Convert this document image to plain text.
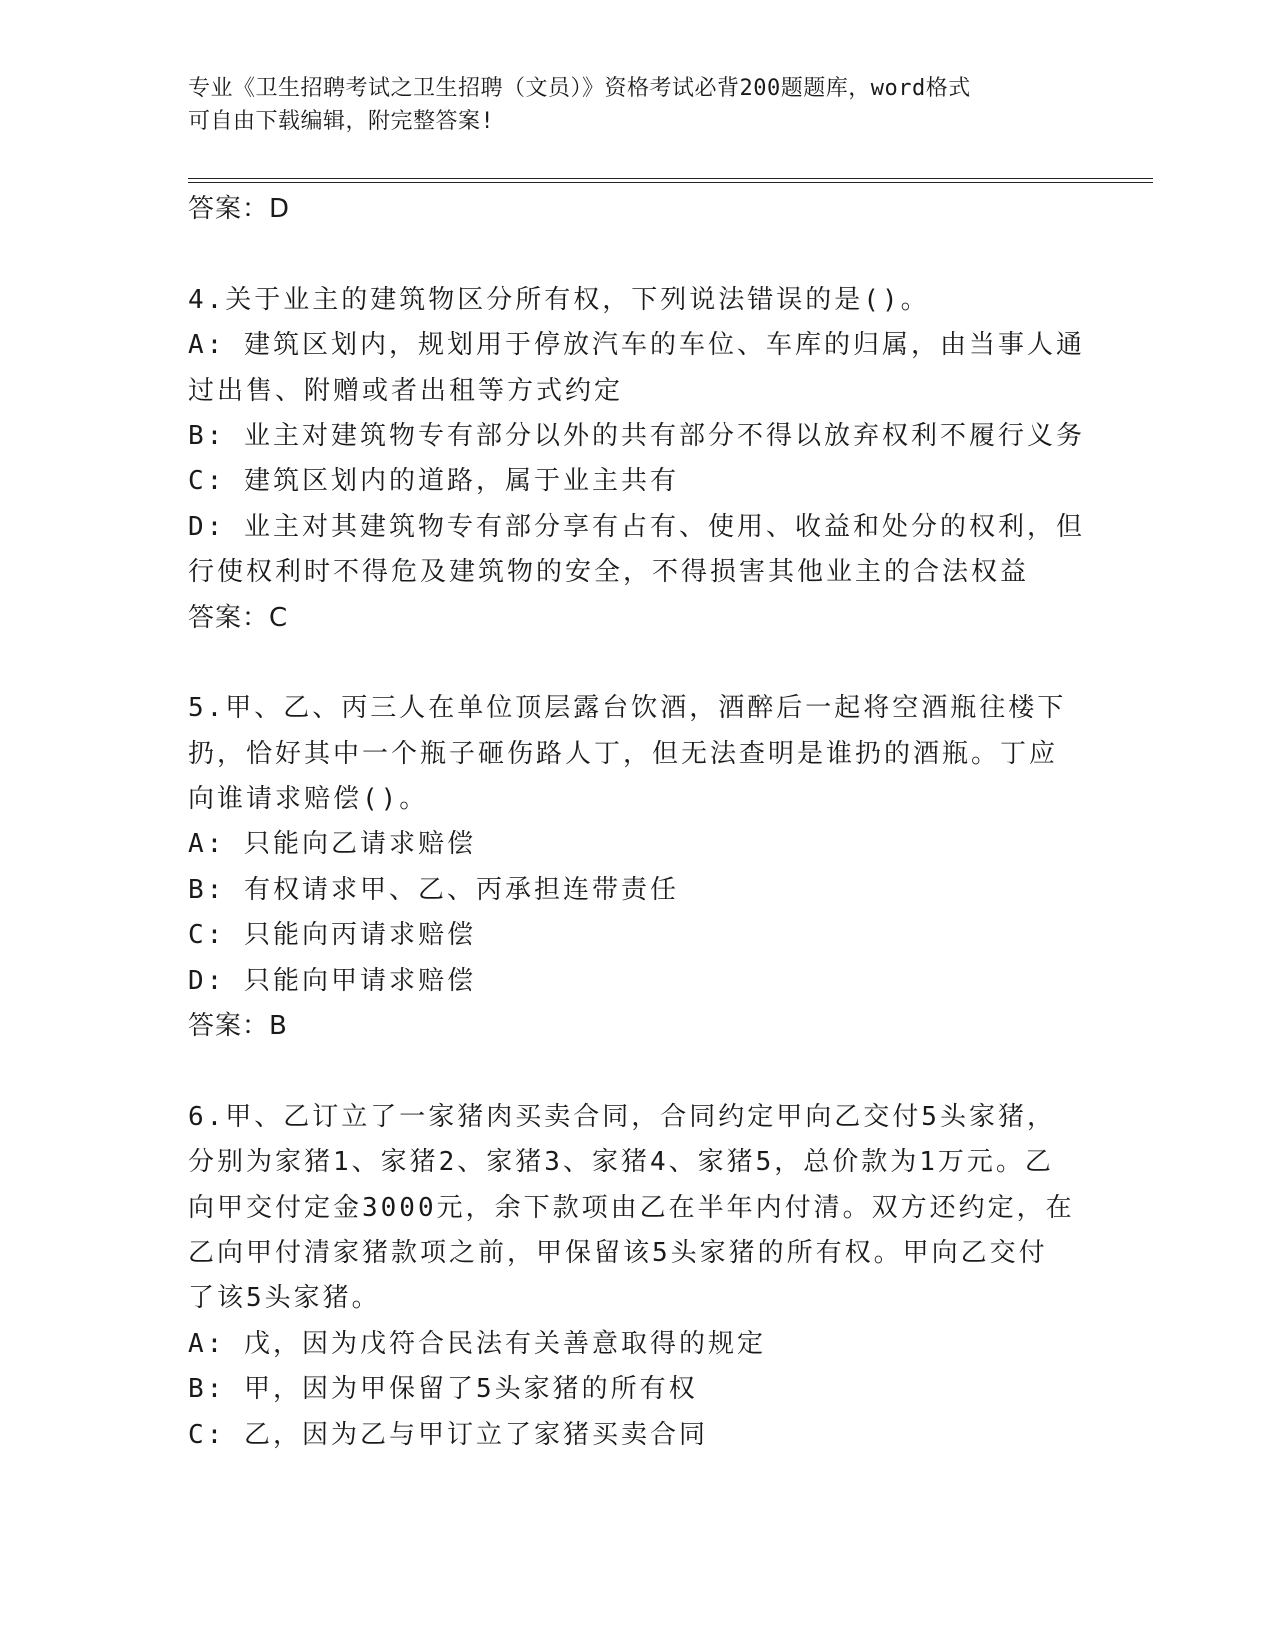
专业《卫生招聘考试之卫生招聘（文员）》资格考试必背200题题库，word格式
可自由下载编辑，附完整答案!
答案：D
4.关于业主的建筑物区分所有权，下列说法错误的是()。
A: 建筑区划内，规划用于停放汽车的车位、车库的归属，由当事人通
过出售、附赠或者出租等方式约定
B: 业主对建筑物专有部分以外的共有部分不得以放弃权利不履行义务
C: 建筑区划内的道路，属于业主共有
D: 业主对其建筑物专有部分享有占有、使用、收益和处分的权利，但
行使权利时不得危及建筑物的安全，不得损害其他业主的合法权益
答案：C
5.甲、乙、丙三人在单位顶层露台饮酒，酒醉后一起将空酒瓶往楼下
扔，恰好其中一个瓶子砸伤路人丁，但无法查明是谁扔的酒瓶。丁应
向谁请求赔偿()。
A: 只能向乙请求赔偿
B: 有权请求甲、乙、丙承担连带责任
C: 只能向丙请求赔偿
D: 只能向甲请求赔偿
答案：B
6.甲、乙订立了一家猪肉买卖合同，合同约定甲向乙交付5头家猪，
分别为家猪1、家猪2、家猪3、家猪4、家猪5，总价款为1万元。乙
向甲交付定金3000元，余下款项由乙在半年内付清。双方还约定，在
乙向甲付清家猪款项之前，甲保留该5头家猪的所有权。甲向乙交付
了该5头家猪。
A: 戊，因为戊符合民法有关善意取得的规定
B: 甲，因为甲保留了5头家猪的所有权
C: 乙，因为乙与甲订立了家猪买卖合同
